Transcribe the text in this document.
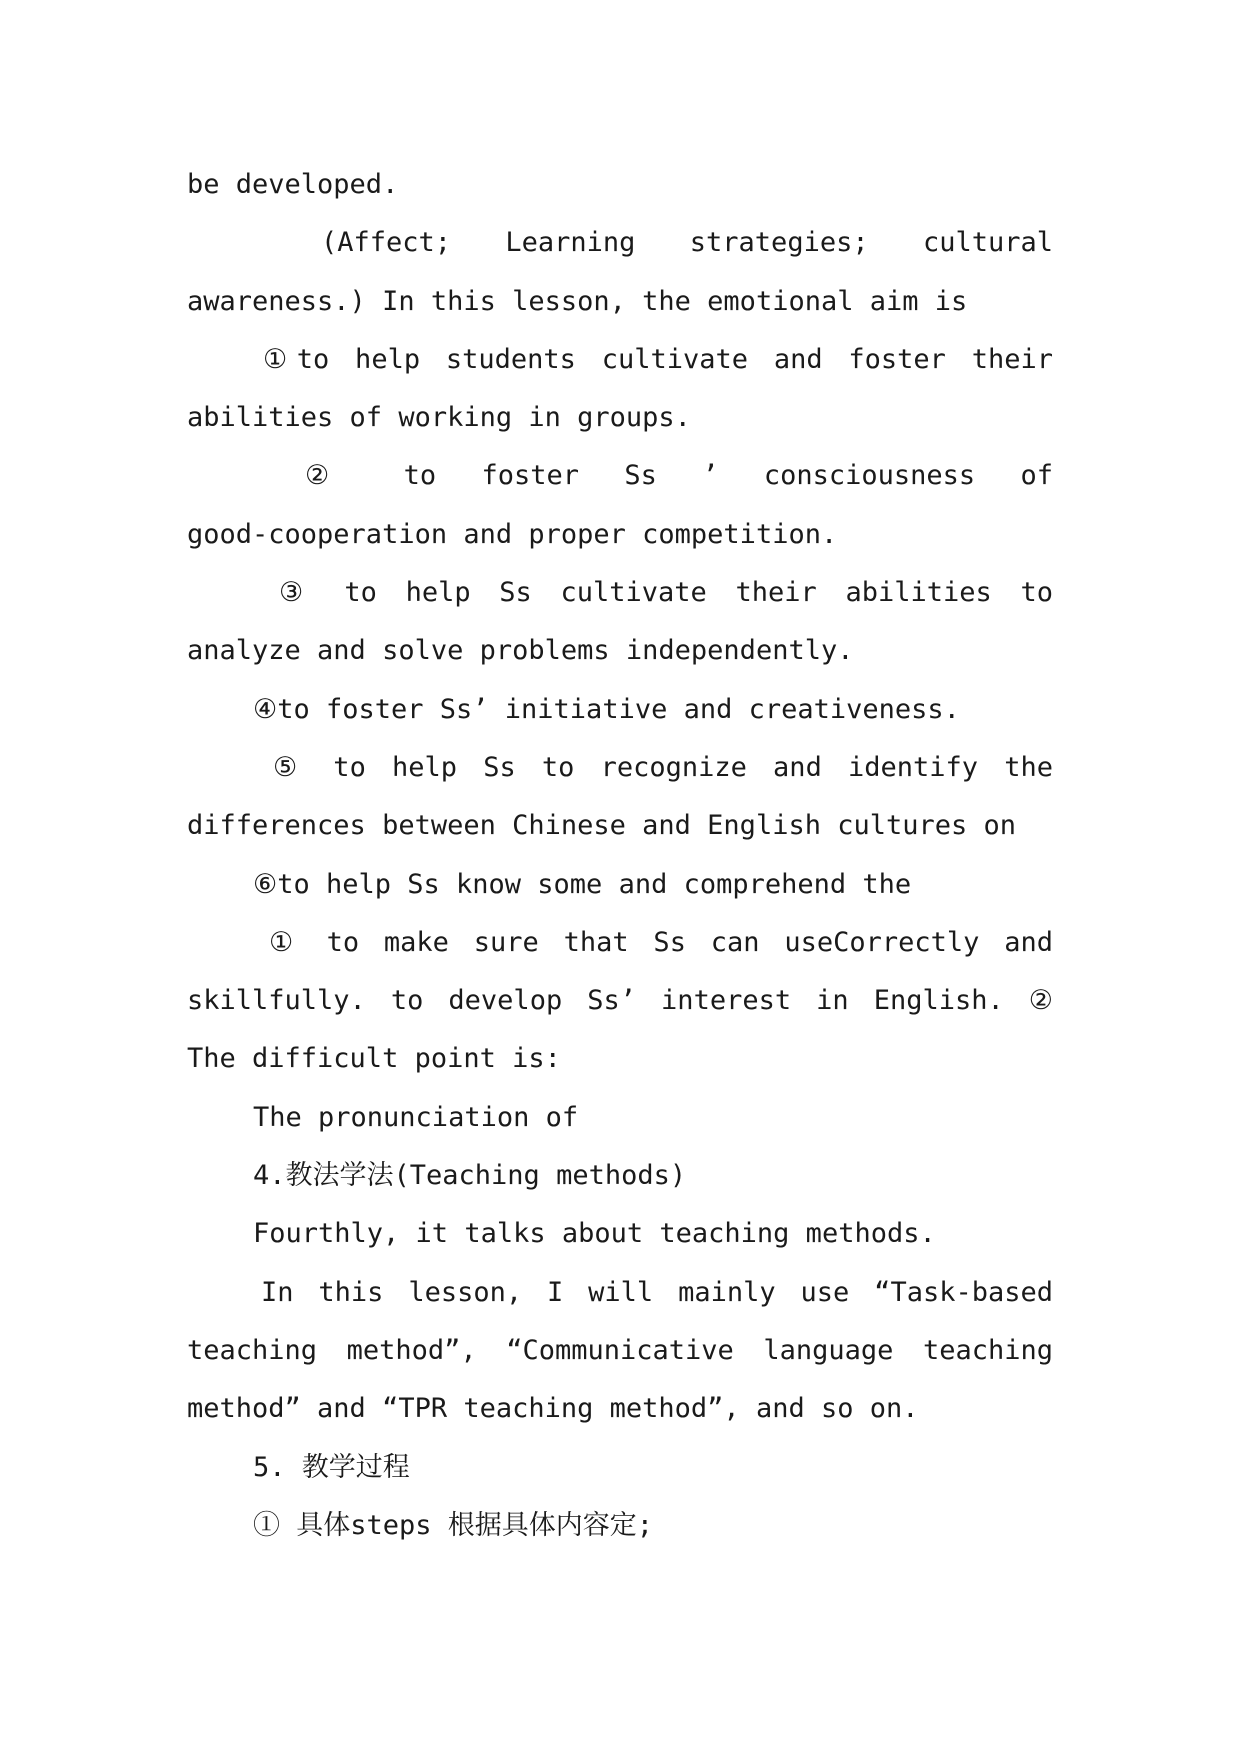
be developed.
(Affect; Learning strategies; cultural
awareness.) In this lesson, the emotional aim is
①to help students cultivate and foster their
abilities of working in groups.
② to foster Ss ’ consciousness of
good-cooperation and proper competition.
③ to help Ss cultivate their abilities to
analyze and solve problems independently.
④to foster Ss’ initiative and creativeness.
⑤ to help Ss to recognize and identify the
differences between Chinese and English cultures on
⑥to help Ss know some and comprehend the
① to make sure that Ss can useCorrectly and
skillfully. to develop Ss’ interest in English. ②
The difficult point is:
The pronunciation of
4.教法学法(Teaching methods)
Fourthly, it talks about teaching methods.
In this lesson, I will mainly use “Task-based
teaching method”, “Communicative language teaching
method” and “TPR teaching method”, and so on.
5. 教学过程
① 具体steps 根据具体内容定;
